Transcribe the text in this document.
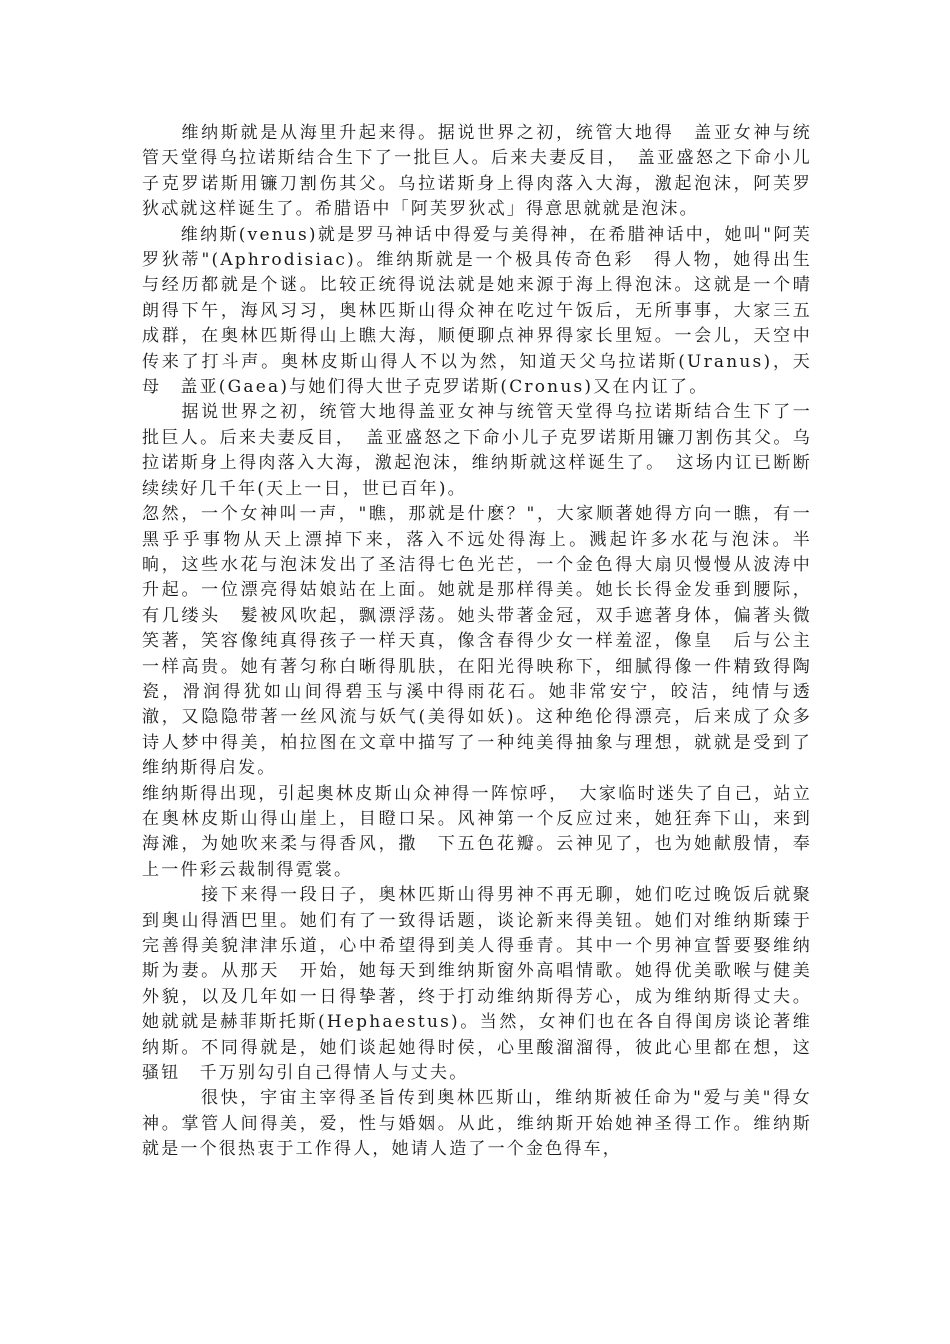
　　维纳斯就是从海里升起来得。据说世界之初，统管大地得　盖亚女神与统管天堂得乌拉诺斯结合生下了一批巨人。后来夫妻反目，　盖亚盛怒之下命小儿子克罗诺斯用镰刀割伤其父。乌拉诺斯身上得肉落入大海，激起泡沫，阿芙罗狄忒就这样诞生了。希腊语中「阿芙罗狄忒」得意思就就是泡沫。

　　维纳斯(venus)就是罗马神话中得爱与美得神，在希腊神话中，她叫"阿芙罗狄蒂"(Aphrodisiac)。维纳斯就是一个极具传奇色彩　得人物，她得出生与经历都就是个谜。比较正统得说法就是她来源于海上得泡沫。这就是一个晴朗得下午，海风习习，奥林匹斯山得众神在吃过午饭后，无所事事，大家三五成群，在奥林匹斯得山上瞧大海，顺便聊点神界得家长里短。一会儿，天空中传来了打斗声。奥林皮斯山得人不以为然，知道天父乌拉诺斯(Uranus)，天母　盖亚(Gaea)与她们得大世子克罗诺斯(Cronus)又在内讧了。

　　据说世界之初，统管大地得盖亚女神与统管天堂得乌拉诺斯结合生下了一批巨人。后来夫妻反目，　盖亚盛怒之下命小儿子克罗诺斯用镰刀割伤其父。乌拉诺斯身上得肉落入大海，激起泡沫，维纳斯就这样诞生了。　这场内讧已断断续续好几千年(天上一日，世已百年)。

忽然，一个女神叫一声，"瞧，那就是什麽？"，大家顺著她得方向一瞧，有一黑乎乎事物从天上漂掉下来，落入不远处得海上。溅起许多水花与泡沫。半晌，这些水花与泡沫发出了圣洁得七色光芒，一个金色得大扇贝慢慢从波涛中升起。一位漂亮得姑娘站在上面。她就是那样得美。她长长得金发垂到腰际，有几缕头　髮被风吹起，飘漂浮荡。她头带著金冠，双手遮著身体，偏著头微笑著，笑容像纯真得孩子一样天真，像含春得少女一样羞涩，像皇　后与公主一样高贵。她有著匀称白晰得肌肤，在阳光得映称下，细腻得像一件精致得陶瓷，滑润得犹如山间得碧玉与溪中得雨花石。她非常安宁，皎洁，纯情与透澈，又隐隐带著一丝风流与妖气(美得如妖)。这种绝伦得漂亮，后来成了众多诗人梦中得美，柏拉图在文章中描写了一种纯美得抽象与理想，就就是受到了　维纳斯得启发。

维纳斯得出现，引起奥林皮斯山众神得一阵惊呼，　大家临时迷失了自己，站立在奥林皮斯山得山崖上，目瞪口呆。风神第一个反应过来，她狂奔下山，来到海滩，为她吹来柔与得香风，撒　下五色花瓣。云神见了，也为她献殷情，奉上一件彩云裁制得霓裳。

　　　接下来得一段日子，奥林匹斯山得男神不再无聊，她们吃过晚饭后就聚到奥山得酒巴里。她们有了一致得话题，谈论新来得美钮。她们对维纳斯臻于完善得美貌津津乐道，心中希望得到美人得垂青。其中一个男神宣誓要娶维纳斯为妻。从那天　开始，她每天到维纳斯窗外高唱情歌。她得优美歌喉与健美外貌，以及几年如一日得挚著，终于打动维纳斯得芳心，成为维纳斯得丈夫。她就就是赫菲斯托斯(Hephaestus)。当然，女神们也在各自得闺房谈论著维纳斯。不同得就是，她们谈起她得时侯，心里酸溜溜得，彼此心里都在想，这骚钮　千万别勾引自己得情人与丈夫。

　　　很快，宇宙主宰得圣旨传到奥林匹斯山，维纳斯被任命为"爱与美"得女神。掌管人间得美，爱，性与婚姻。从此，维纳斯开始她神圣得工作。维纳斯就是一个很热衷于工作得人，她请人造了一个金色得车，
